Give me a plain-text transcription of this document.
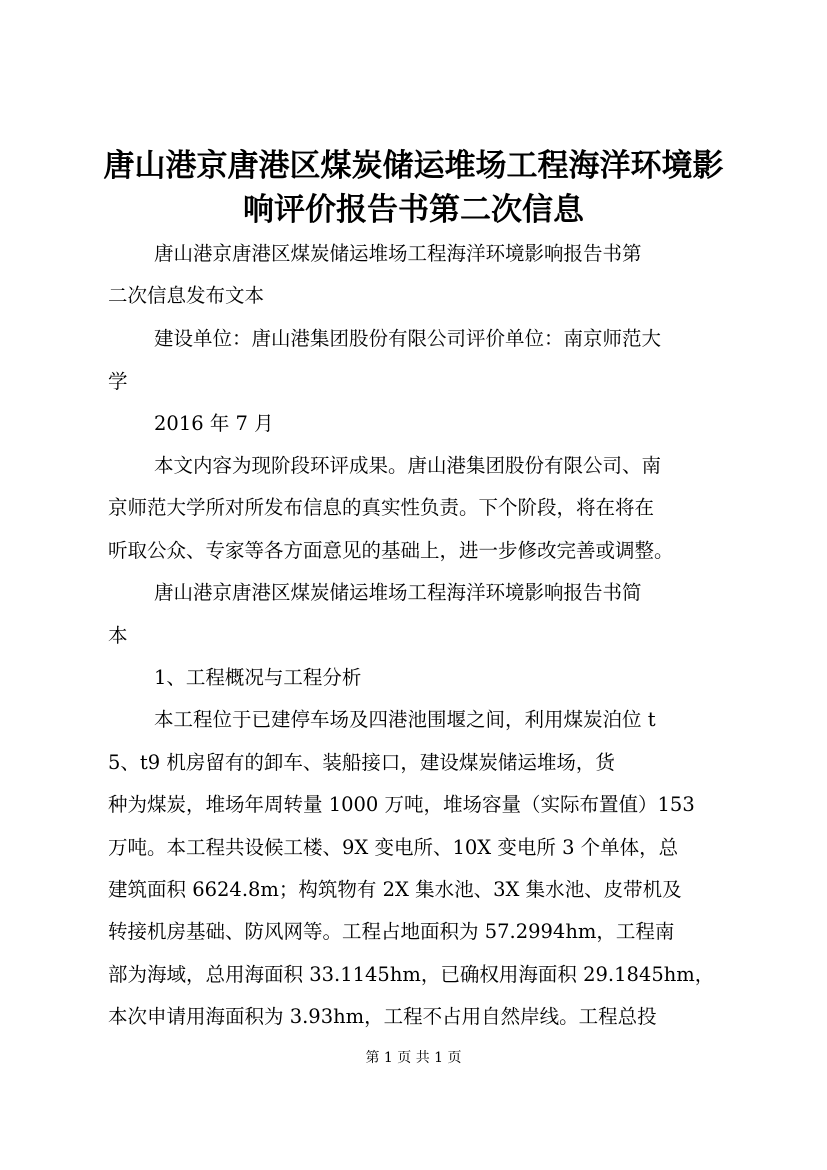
唐山港京唐港区煤炭储运堆场工程海洋环境影
响评价报告书第二次信息

唐山港京唐港区煤炭储运堆场工程海洋环境影响报告书第

二次信息发布文本

建设单位：唐山港集团股份有限公司评价单位：南京师范大

学

2016 年 7 月

本文内容为现阶段环评成果。唐山港集团股份有限公司、南

京师范大学所对所发布信息的真实性负责。下个阶段，将在将在

听取公众、专家等各方面意见的基础上，进一步修改完善或调整。

唐山港京唐港区煤炭储运堆场工程海洋环境影响报告书简

本

1、工程概况与工程分析

本工程位于已建停车场及四港池围堰之间，利用煤炭泊位 t

5、t9 机房留有的卸车、装船接口，建设煤炭储运堆场，货

种为煤炭，堆场年周转量 1000 万吨，堆场容量（实际布置值）153

万吨。本工程共设候工楼、9X 变电所、10X 变电所 3 个单体，总

建筑面积 6624.8m；构筑物有 2X 集水池、3X 集水池、皮带机及

转接机房基础、防风网等。工程占地面积为 57.2994hm，工程南

部为海域，总用海面积 33.1145hm，已确权用海面积 29.1845hm，

本次申请用海面积为 3.93hm，工程不占用自然岸线。工程总投

第 1 页 共 1 页
